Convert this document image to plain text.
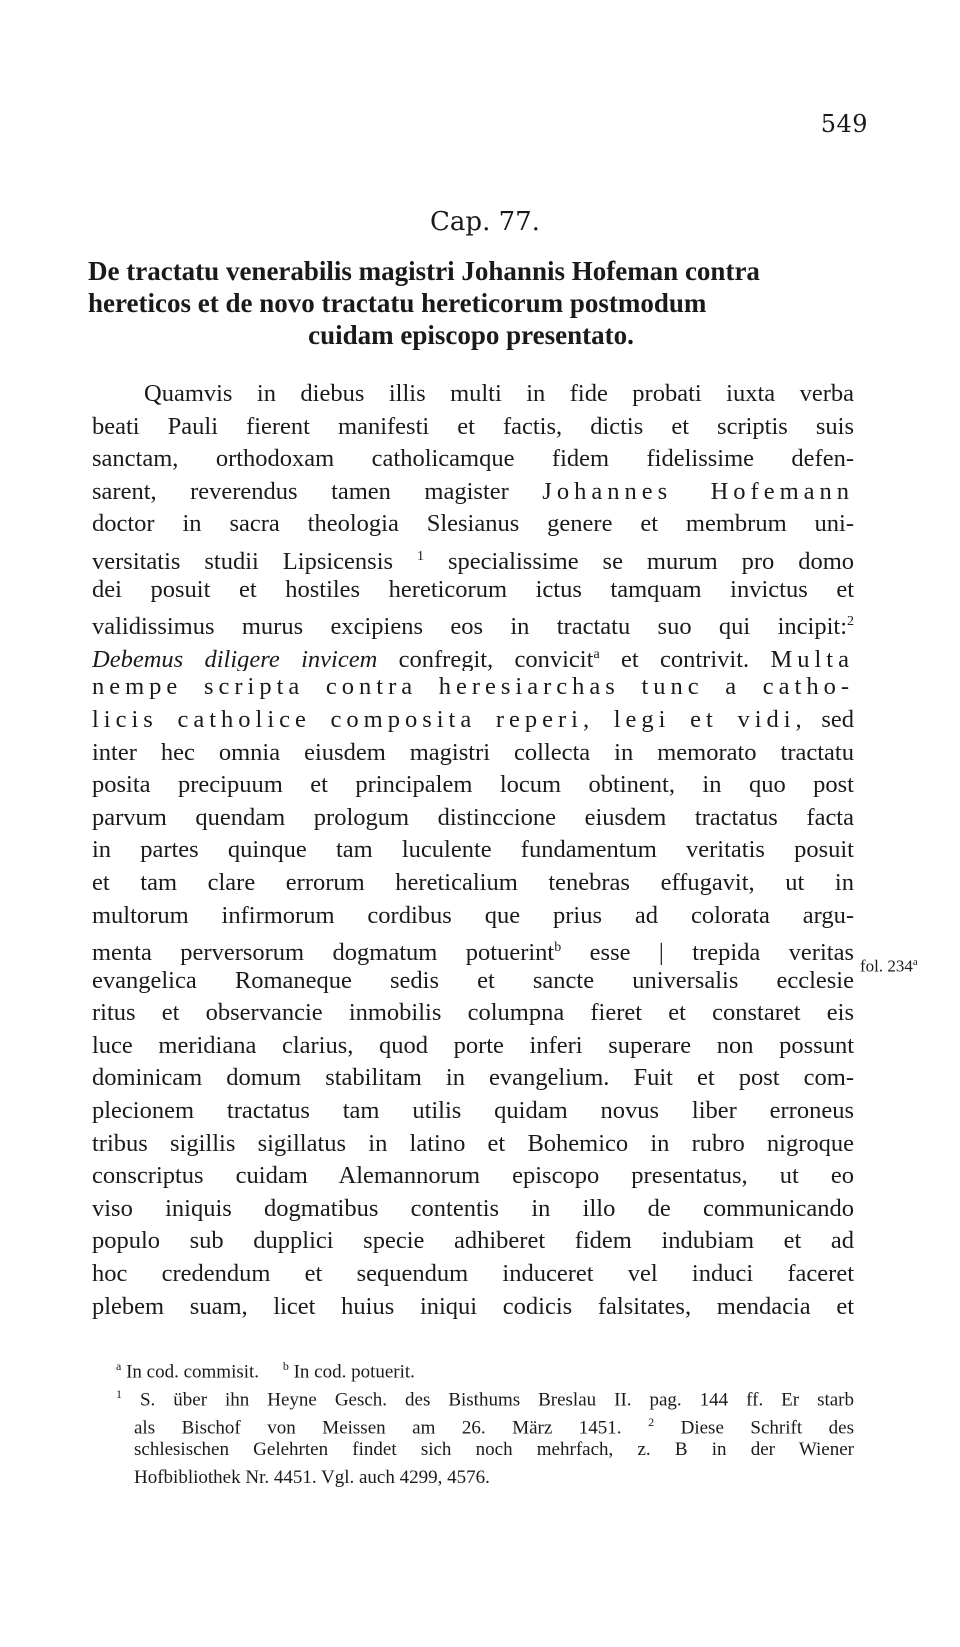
549
Cap. 77.
De tractatu venerabilis magistri Johannis Hofeman contra
hereticos et de novo tractatu hereticorum postmodum
cuidam episcopo presentato.
Quamvis in diebus illis multi in fide probati iuxta verba
beati Pauli fierent manifesti et factis, dictis et scriptis suis
sanctam, orthodoxam catholicamque fidem fidelissime defen-
sarent, reverendus tamen magister Johannes Hofemann
doctor in sacra theologia Slesianus genere et membrum uni-
versitatis studii Lipsicensis $^1$ specialissime se murum pro domo
dei posuit et hostiles hereticorum ictus tamquam invictus et
validissimus murus excipiens eos in tractatu suo qui incipit:$^2$
Debemus diligere invicem confregit, convicit$^a$ et contrivit. Multa
nempe scripta contra heresiarchas tunc a catho-
licis catholice composita reperi, legi et vidi, sed
inter hec omnia eiusdem magistri collecta in memorato tractatu
posita precipuum et principalem locum obtinent, in quo post
parvum quendam prologum distinccione eiusdem tractatus facta
in partes quinque tam luculente fundamentum veritatis posuit
et tam clare errorum hereticalium tenebras effugavit, ut in
multorum infirmorum cordibus que prius ad colorata argu-
menta perversorum dogmatum potuerint$^b$ esse | trepida veritas
evangelica Romaneque sedis et sancte universalis ecclesie
ritus et observancie inmobilis columpna fieret et constaret eis
luce meridiana clarius, quod porte inferi superare non possunt
dominicam domum stabilitam in evangelium. Fuit et post com-
plecionem tractatus tam utilis quidam novus liber erroneus
tribus sigillis sigillatus in latino et Bohemico in rubro nigroque
conscriptus cuidam Alemannorum episcopo presentatus, ut eo
viso iniquis dogmatibus contentis in illo de communicando
populo sub dupplici specie adhiberet fidem indubiam et ad
hoc credendum et sequendum induceret vel induci faceret
plebem suam, licet huius iniqui codicis falsitates, mendacia et
fol. 234$^a$
$^a$ In cod. commisit. $^b$ In cod. potuerit.
$^1$ S. über ihn Heyne Gesch. des Bisthums Breslau II. pag. 144 ff. Er starb
als Bischof von Meissen am 26. März 1451. $^2$ Diese Schrift des
schlesischen Gelehrten findet sich noch mehrfach, z. B in der Wiener
Hofbibliothek Nr. 4451. Vgl. auch 4299, 4576.
